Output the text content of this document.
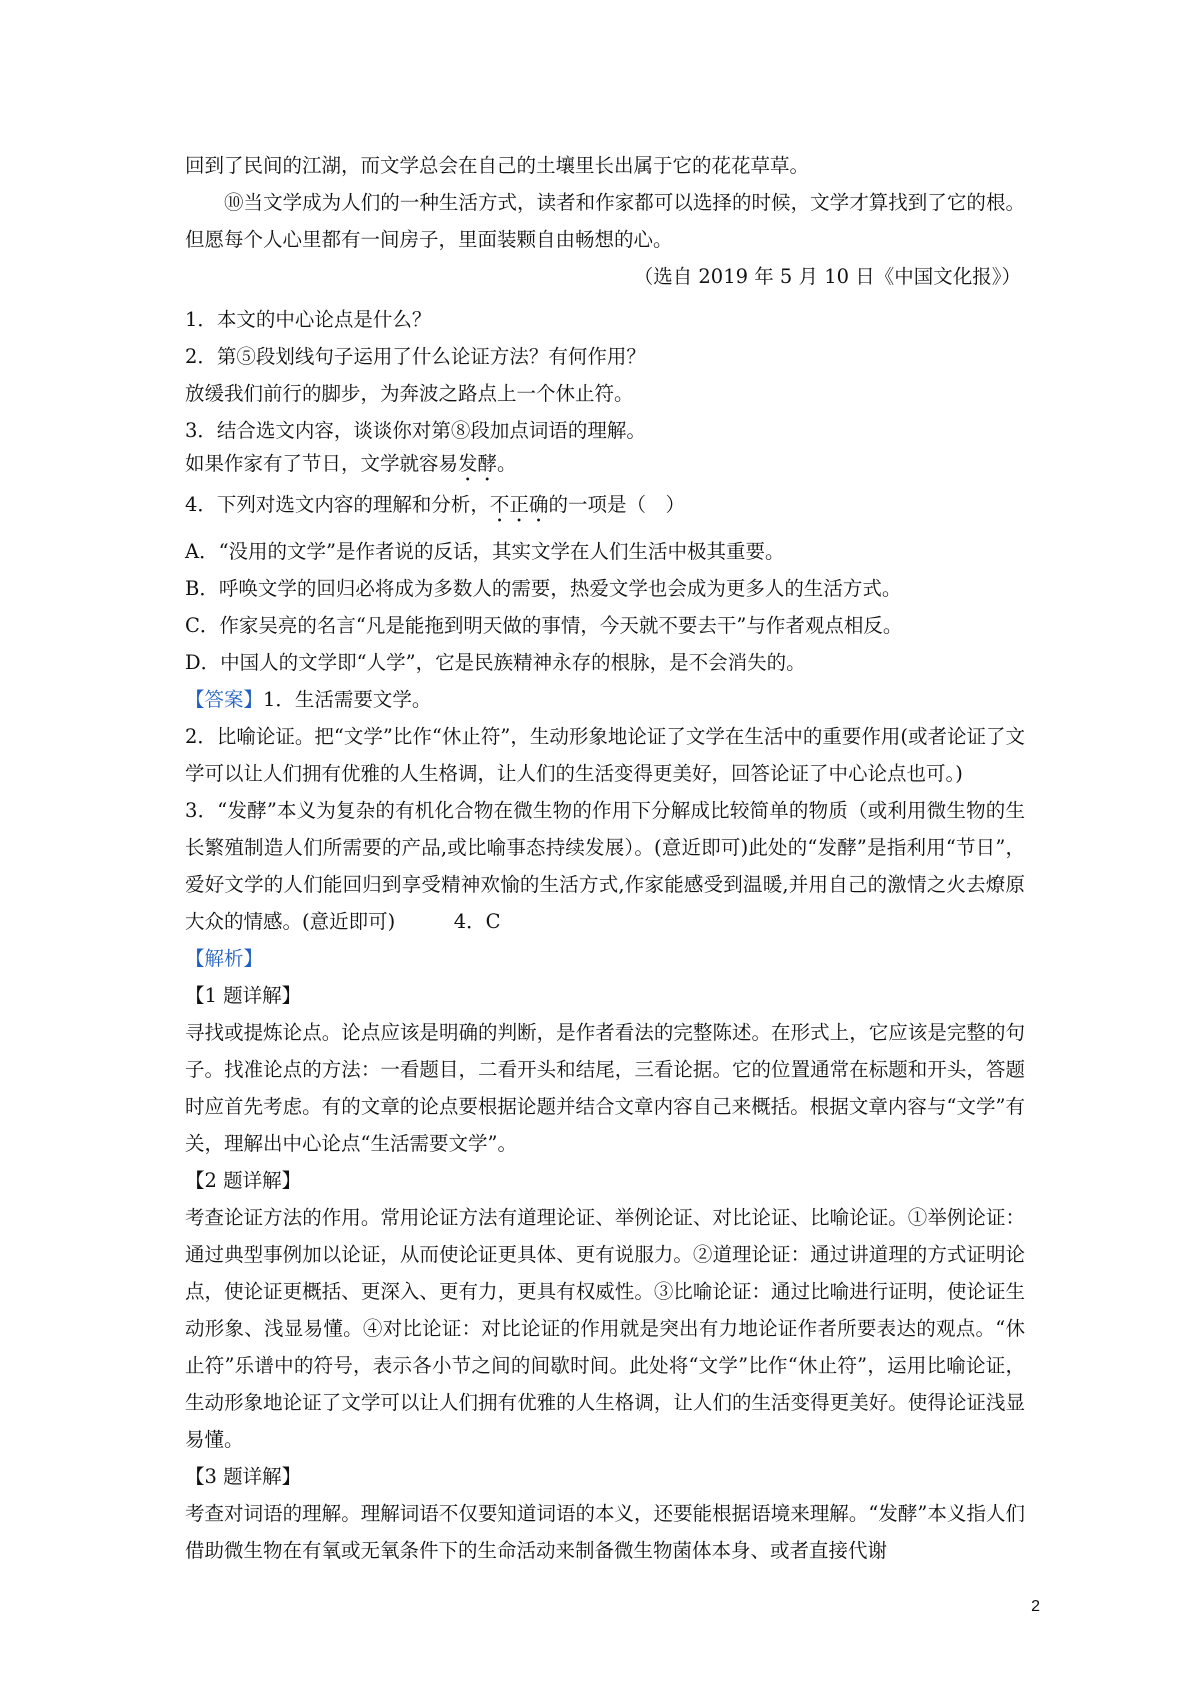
回到了民间的江湖，而文学总会在自己的土壤里长出属于它的花花草草。

⑩当文学成为人们的一种生活方式，读者和作家都可以选择的时候，文学才算找到了它的根。但愿每个人心里都有一间房子，里面装颗自由畅想的心。

（选自 2019 年 5 月 10 日《中国文化报》）

1．本文的中心论点是什么？

2．第⑤段划线句子运用了什么论证方法？有何作用？

放缓我们前行的脚步，为奔波之路点上一个休止符。

3．结合选文内容，谈谈你对第⑧段加点词语的理解。

如果作家有了节日，文学就容易发酵。

4．下列对选文内容的理解和分析，不正确的一项是（　）

A．“没用的文学”是作者说的反话，其实文学在人们生活中极其重要。

B．呼唤文学的回归必将成为多数人的需要，热爱文学也会成为更多人的生活方式。

C．作家吴亮的名言“凡是能拖到明天做的事情，今天就不要去干”与作者观点相反。

D．中国人的文学即“人学”，它是民族精神永存的根脉，是不会消失的。

【答案】1．生活需要文学。

2．比喻论证。把“文学”比作“休止符”，生动形象地论证了文学在生活中的重要作用(或者论证了文学可以让人们拥有优雅的人生格调，让人们的生活变得更美好，回答论证了中心论点也可。)

3．“发酵”本义为复杂的有机化合物在微生物的作用下分解成比较简单的物质（或利用微生物的生长繁殖制造人们所需要的产品,或比喻事态持续发展）。(意近即可)此处的“发酵”是指利用“节日”，爱好文学的人们能回归到享受精神欢愉的生活方式,作家能感受到温暖,并用自己的激情之火去燎原大众的情感。(意近即可)　　　4．C

【解析】

【1 题详解】

寻找或提炼论点。论点应该是明确的判断，是作者看法的完整陈述。在形式上，它应该是完整的句子。找准论点的方法：一看题目，二看开头和结尾，三看论据。它的位置通常在标题和开头，答题时应首先考虑。有的文章的论点要根据论题并结合文章内容自己来概括。根据文章内容与“文学”有关，理解出中心论点“生活需要文学”。

【2 题详解】

考查论证方法的作用。常用论证方法有道理论证、举例论证、对比论证、比喻论证。①举例论证：通过典型事例加以论证，从而使论证更具体、更有说服力。②道理论证：通过讲道理的方式证明论点，使论证更概括、更深入、更有力，更具有权威性。③比喻论证：通过比喻进行证明，使论证生动形象、浅显易懂。④对比论证：对比论证的作用就是突出有力地论证作者所要表达的观点。“休止符”乐谱中的符号，表示各小节之间的间歇时间。此处将“文学”比作“休止符”，运用比喻论证，生动形象地论证了文学可以让人们拥有优雅的人生格调，让人们的生活变得更美好。使得论证浅显易懂。

【3 题详解】

考查对词语的理解。理解词语不仅要知道词语的本义，还要能根据语境来理解。“发酵”本义指人们借助微生物在有氧或无氧条件下的生命活动来制备微生物菌体本身、或者直接代谢

2
